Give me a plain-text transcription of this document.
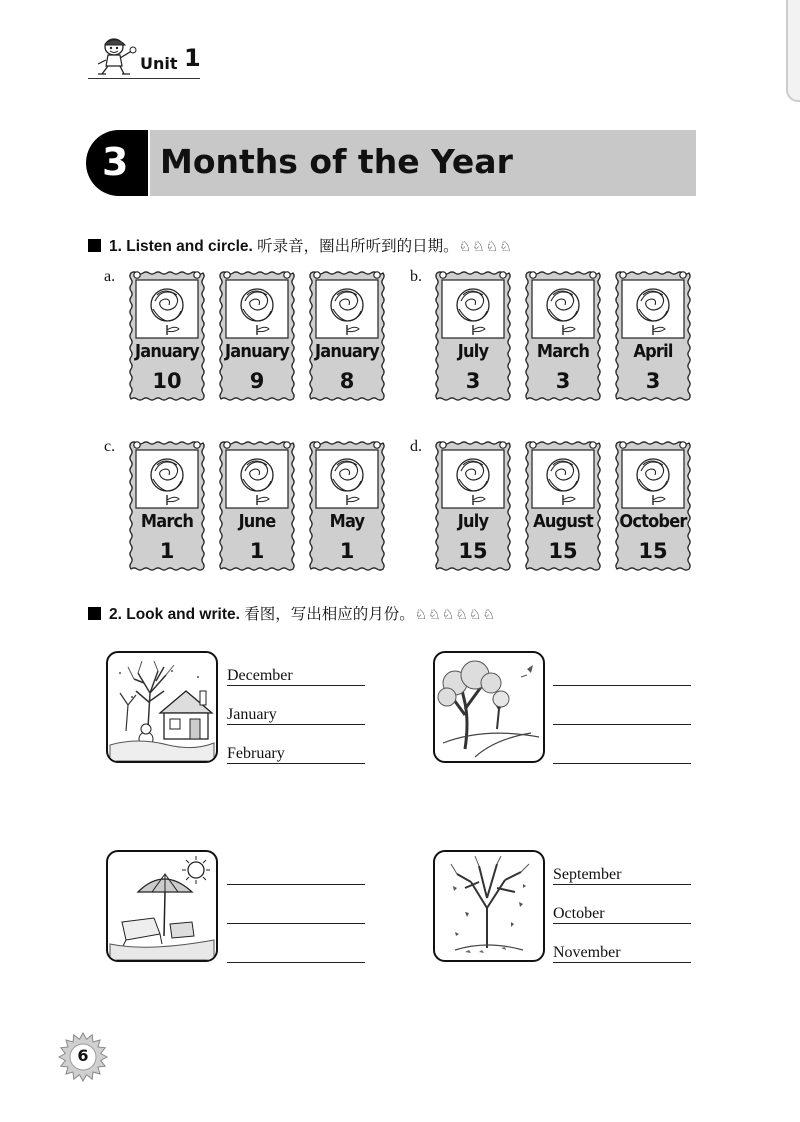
Unit 1
3 Months of the Year
1. Listen and circle. 听录音，圈出所听到的日期。♘♘♘♘
a.	b.
c.	d.
January
10
January
9
January
8
July
3
March
3
April
3
March
1
June
1
May
1
July
15
August
15
October
15
2. Look and write. 看图，写出相应的月份。♘♘♘♘♘♘
December
January
February
September
October
November
6
